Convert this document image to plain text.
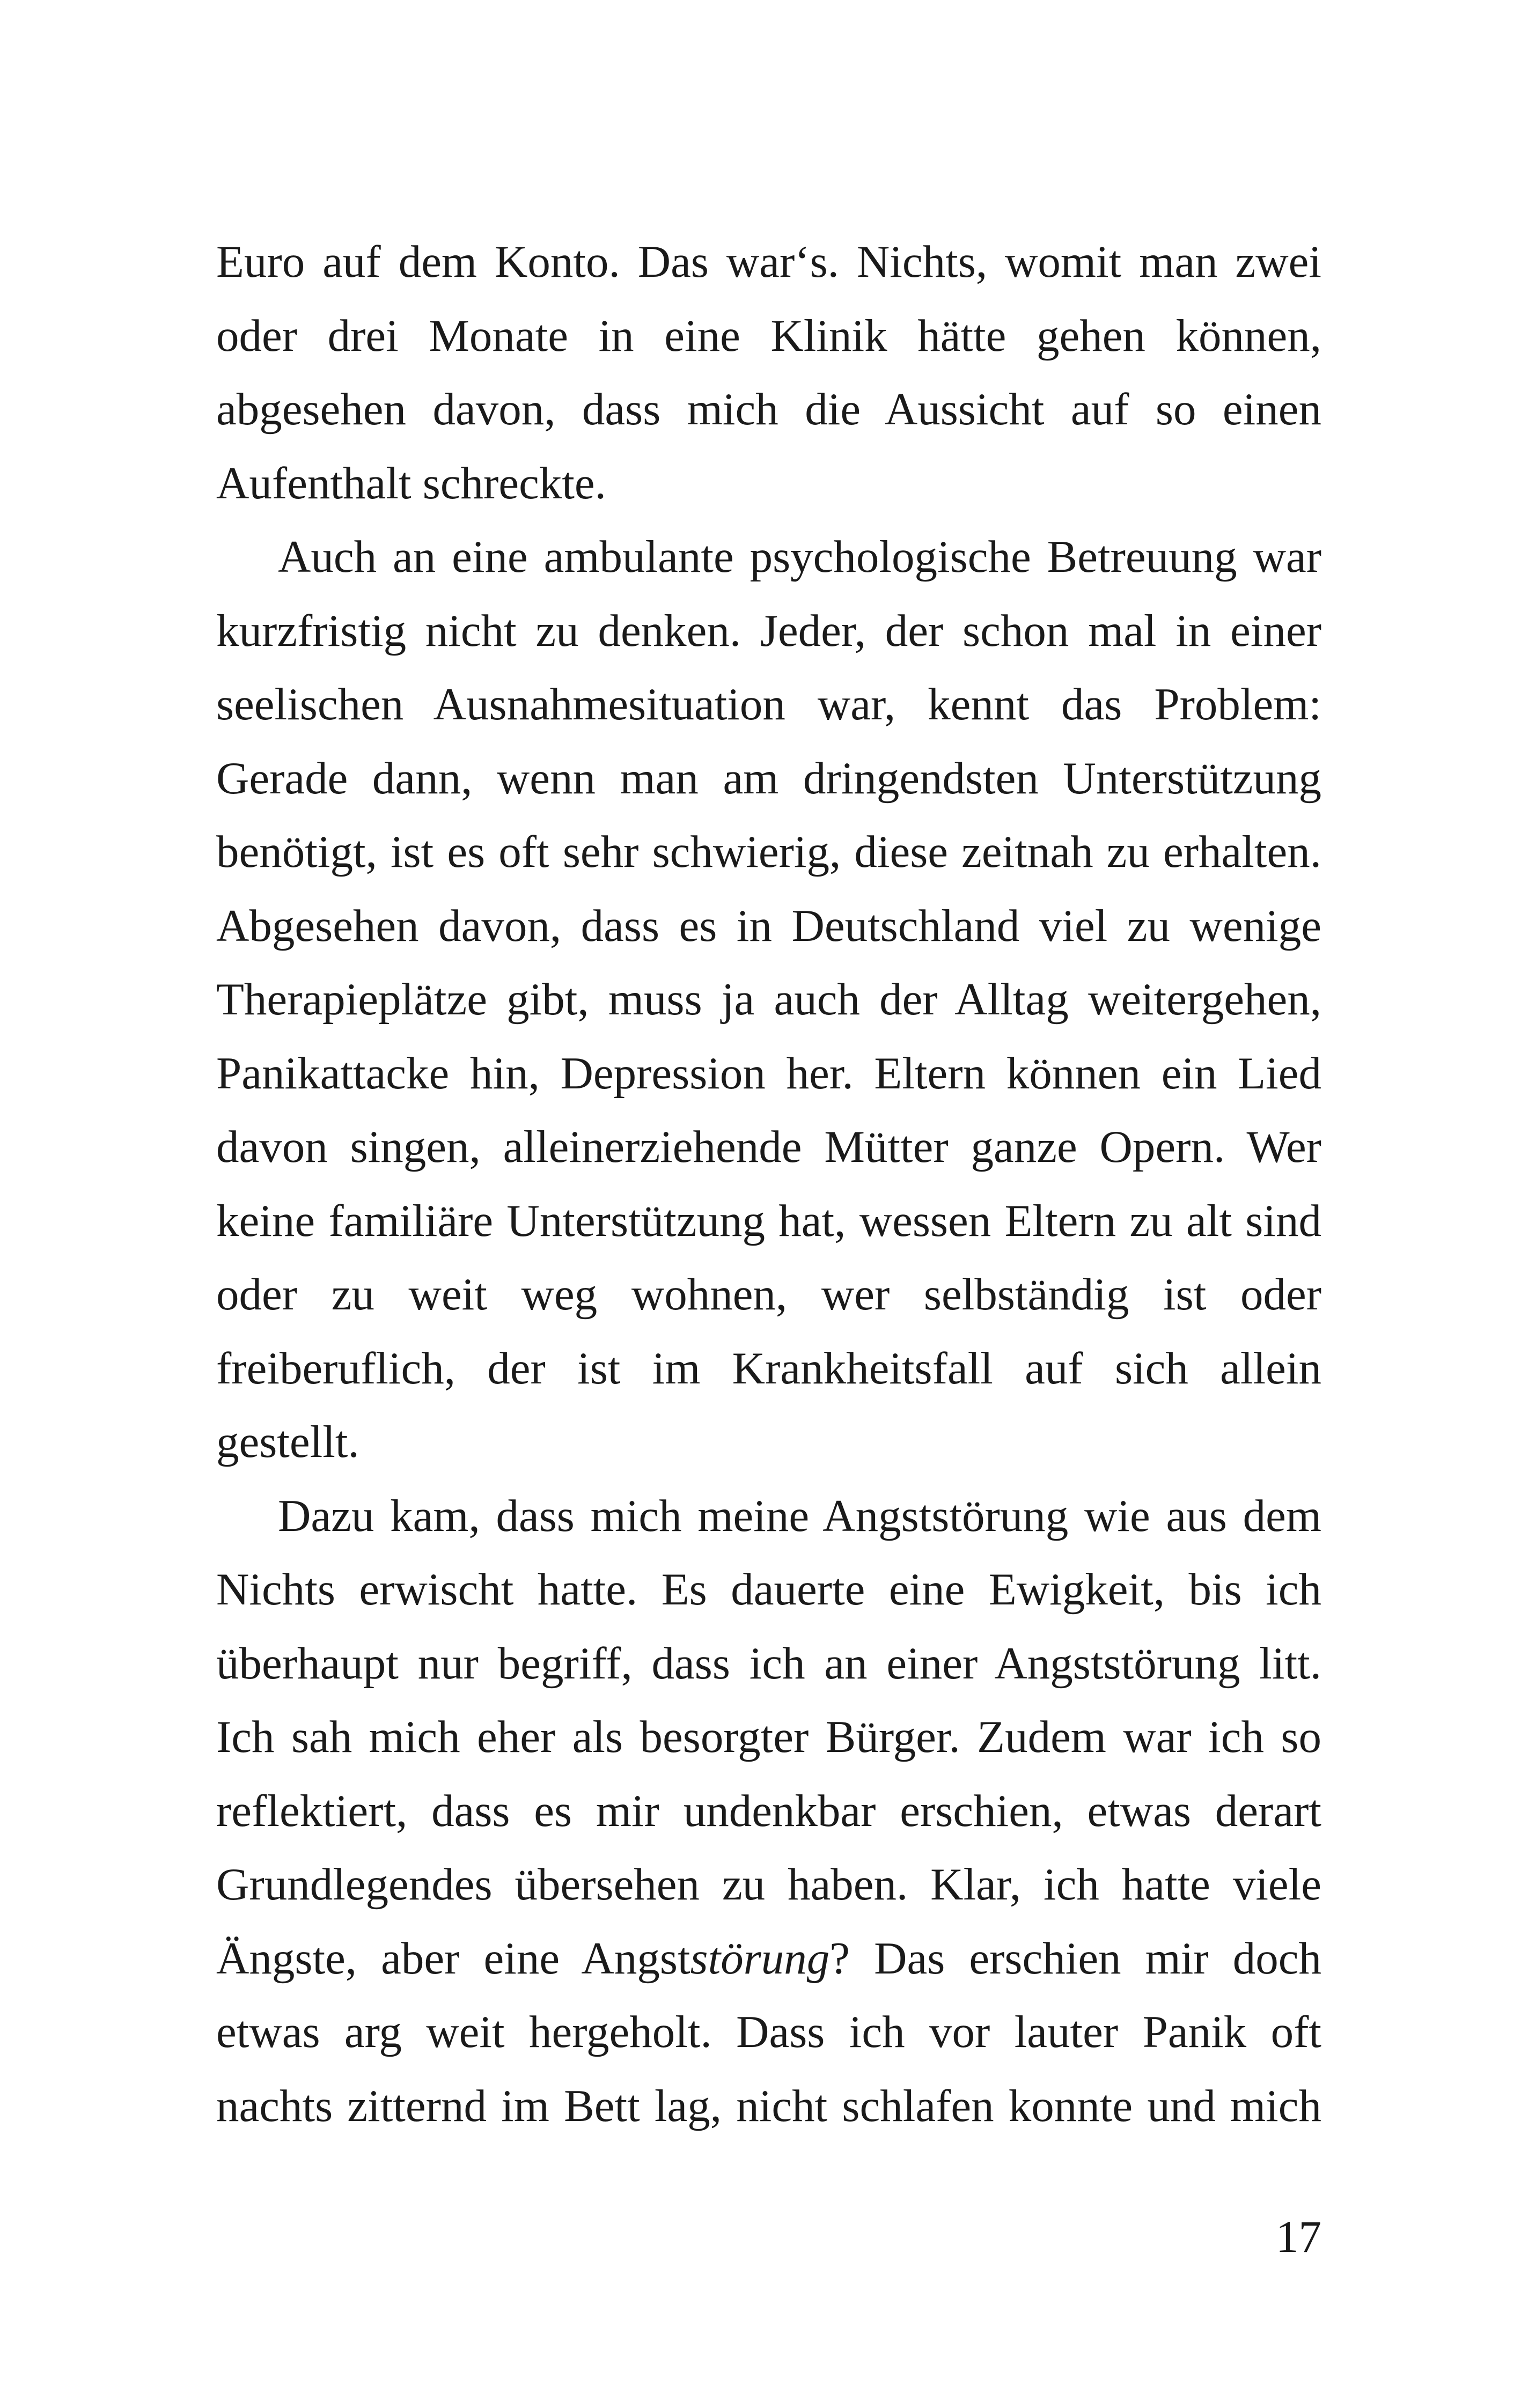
Euro auf dem Konto. Das war‘s. Nichts, womit man zwei
oder drei Monate in eine Klinik hätte gehen können,
abgesehen davon, dass mich die Aussicht auf so einen
Aufenthalt schreckte.
Auch an eine ambulante psychologische Betreuung war
kurzfristig nicht zu denken. Jeder, der schon mal in einer
seelischen Ausnahmesituation war, kennt das Problem:
Gerade dann, wenn man am dringendsten Unterstützung
benötigt, ist es oft sehr schwierig, diese zeitnah zu erhalten.
Abgesehen davon, dass es in Deutschland viel zu wenige
Therapieplätze gibt, muss ja auch der Alltag weitergehen,
Panikattacke hin, Depression her. Eltern können ein Lied
davon singen, alleinerziehende Mütter ganze Opern. Wer
keine familiäre Unterstützung hat, wessen Eltern zu alt sind
oder zu weit weg wohnen, wer selbständig ist oder
freiberuflich, der ist im Krankheitsfall auf sich allein
gestellt.
Dazu kam, dass mich meine Angststörung wie aus dem
Nichts erwischt hatte. Es dauerte eine Ewigkeit, bis ich
überhaupt nur begriff, dass ich an einer Angststörung litt.
Ich sah mich eher als besorgter Bürger. Zudem war ich so
reflektiert, dass es mir undenkbar erschien, etwas derart
Grundlegendes übersehen zu haben. Klar, ich hatte viele
Ängste, aber eine Angststörung? Das erschien mir doch
etwas arg weit hergeholt. Dass ich vor lauter Panik oft
nachts zitternd im Bett lag, nicht schlafen konnte und mich
17
